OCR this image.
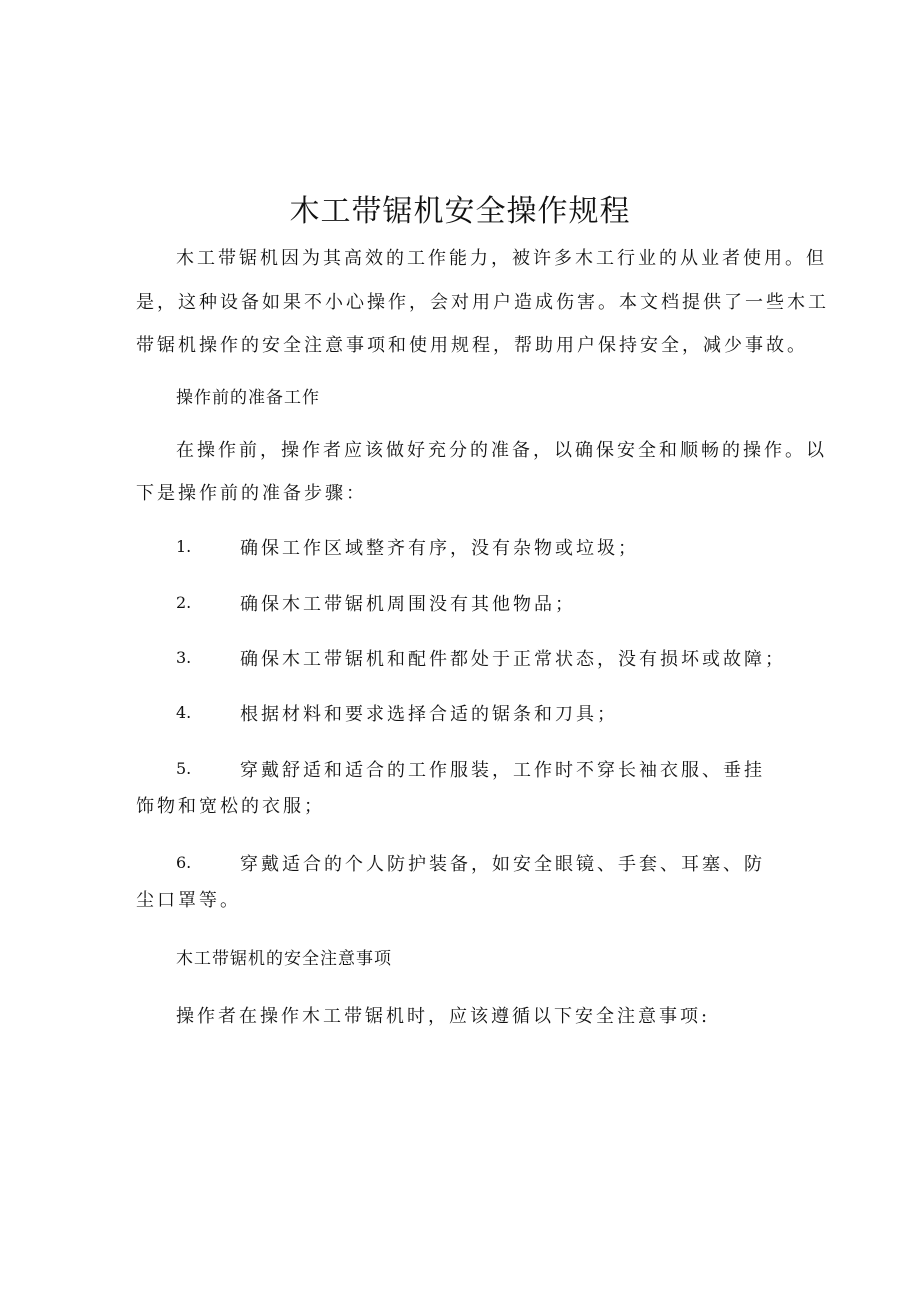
木工带锯机安全操作规程
木工带锯机因为其高效的工作能力，被许多木工行业的从业者使用。但
是，这种设备如果不小心操作，会对用户造成伤害。本文档提供了一些木工
带锯机操作的安全注意事项和使用规程，帮助用户保持安全，减少事故。
操作前的准备工作
在操作前，操作者应该做好充分的准备，以确保安全和顺畅的操作。以
下是操作前的准备步骤：
1.	确保工作区域整齐有序，没有杂物或垃圾；
2.	确保木工带锯机周围没有其他物品；
3.	确保木工带锯机和配件都处于正常状态，没有损坏或故障；
4.	根据材料和要求选择合适的锯条和刀具；
5.	穿戴舒适和适合的工作服装，工作时不穿长袖衣服、垂挂
饰物和宽松的衣服；
6.	穿戴适合的个人防护装备，如安全眼镜、手套、耳塞、防
尘口罩等。
木工带锯机的安全注意事项
操作者在操作木工带锯机时，应该遵循以下安全注意事项:
